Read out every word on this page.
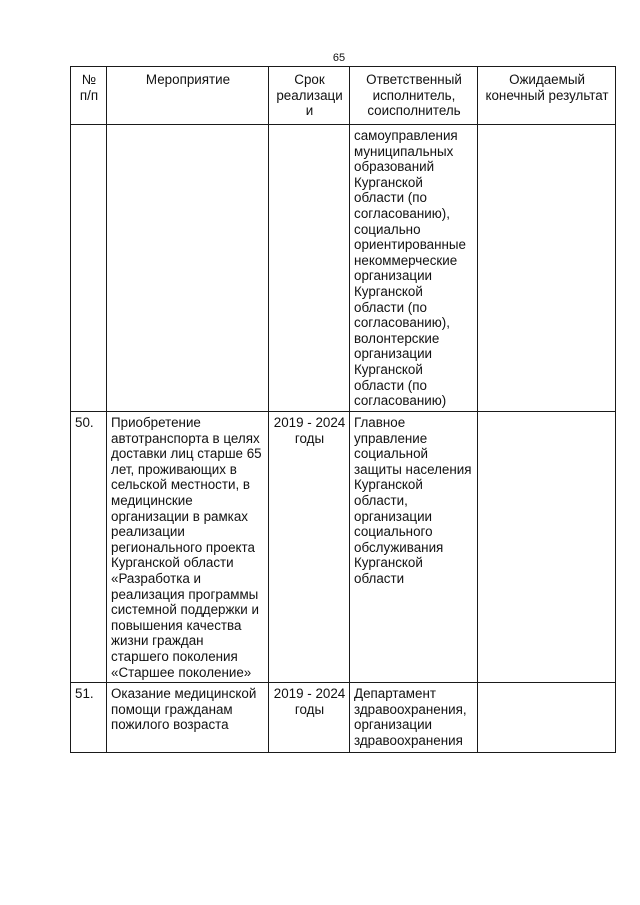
65
№ п/п	Мероприятие	Срок реализации	Ответственный исполнитель, соисполнитель	Ожидаемый конечный результат
			самоуправления муниципальных образований Курганской области (по согласованию), социально ориентированные некоммерческие организации Курганской области (по согласованию), волонтерские организации Курганской области (по согласованию)	
50.	Приобретение автотранспорта в целях доставки лиц старше 65 лет, проживающих в сельской местности, в медицинские организации в рамках реализации регионального проекта Курганской области «Разработка и реализация программы системной поддержки и повышения качества жизни граждан старшего поколения «Старшее поколение»	2019 - 2024 годы	Главное управление социальной защиты населения Курганской области, организации социального обслуживания Курганской области	
51.	Оказание медицинской помощи гражданам пожилого возраста	2019 - 2024 годы	Департамент здравоохранения, организации здравоохранения	
